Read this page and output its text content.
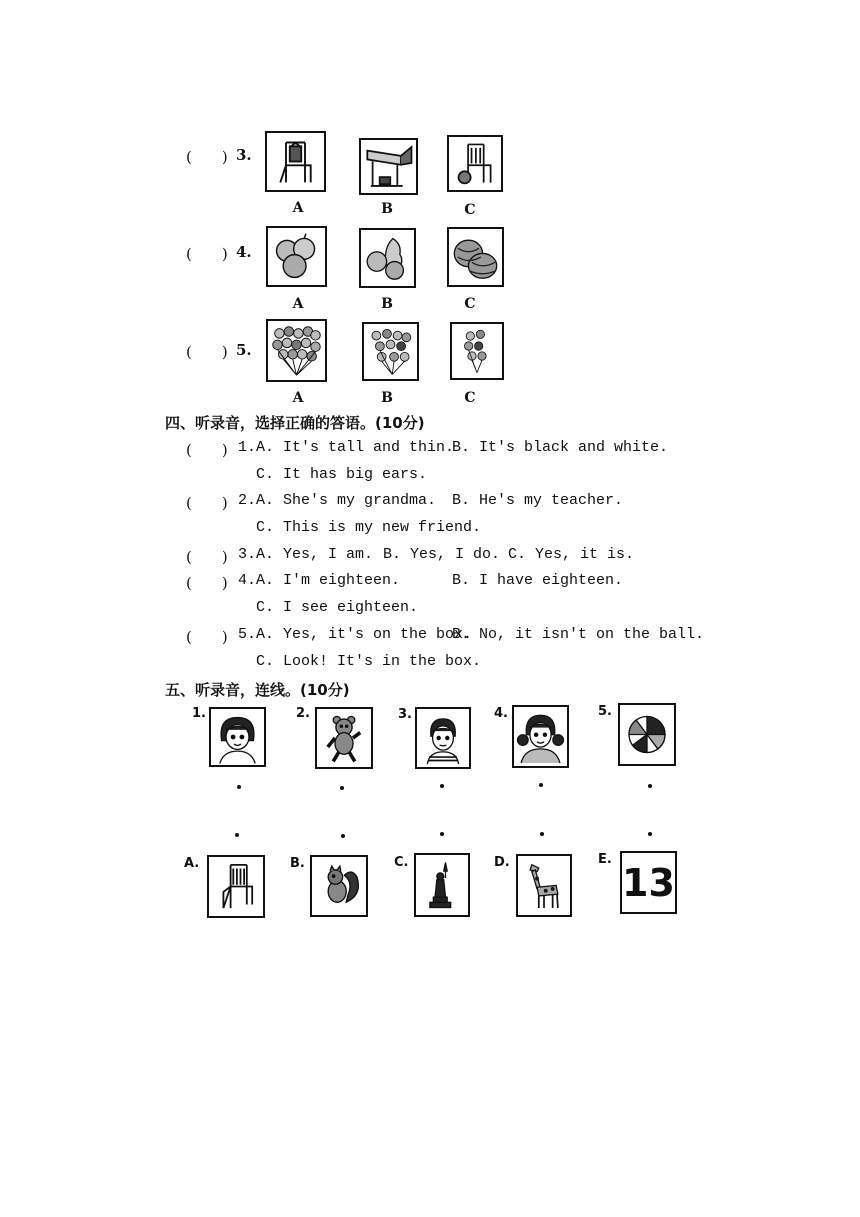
(　　) 3.
A	B	C
(　　) 4.
A	B	C
(　　) 5.
A	B	C
四、听录音，选择正确的答语。(10分)
(　　) 1. A. It's tall and thin.
B. It's black and white.
C. It has big ears.
(　　) 2. A. She's my grandma. B. He's my teacher.
C. This is my new friend.
(　　) 3. A. Yes, I am. B. Yes, I do. C. Yes, it is.
(　　) 4. A. I'm eighteen.	B. I have eighteen.
C. I see eighteen.
(　　) 5. A. Yes, it's on the box.
B. No, it isn't on the ball.
C. Look! It's in the box.
五、听录音，连线。(10分)
1.	2.	3.	4.	5.
A.	B.	C.	D.	E.
13
